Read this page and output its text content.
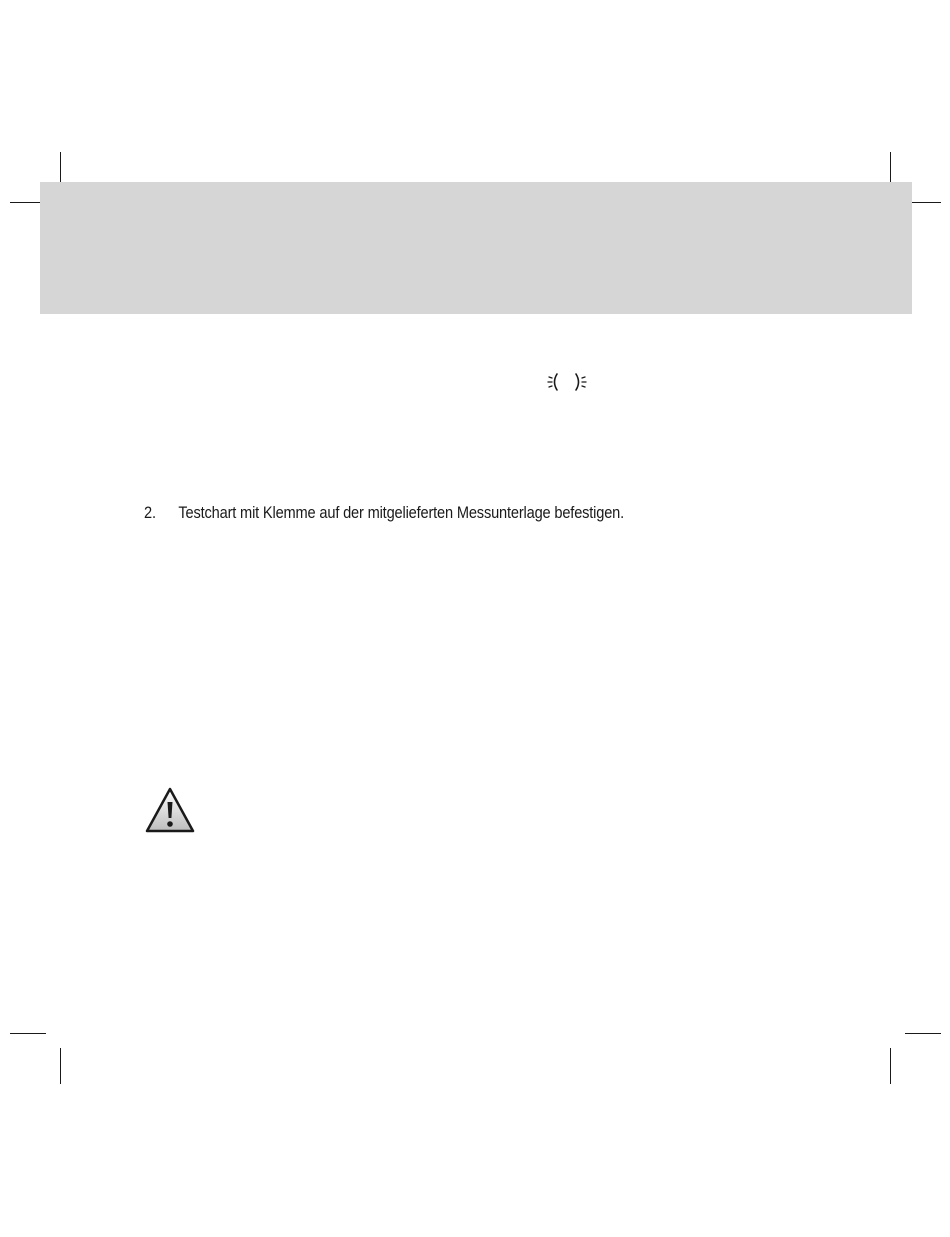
2. Testchart mit Klemme auf der mitgelieferten Messunterlage befestigen.
